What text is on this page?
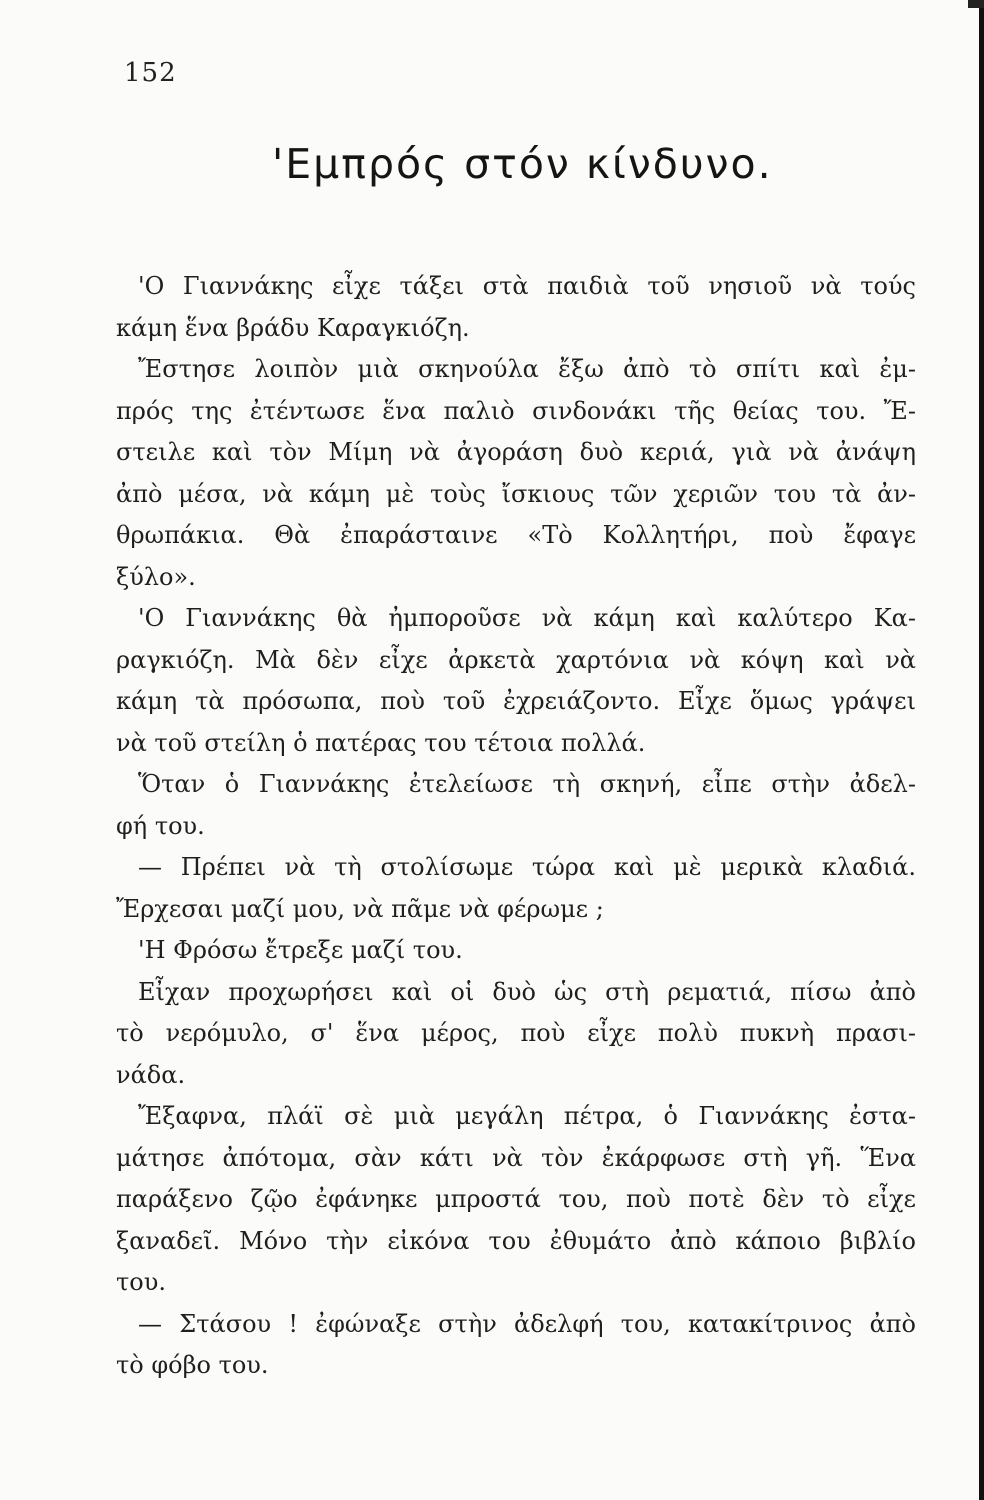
152
'Εμπρός στόν κίνδυνο.
'Ο Γιαννάκης εἶχε τάξει στὰ παιδιὰ τοῦ νησιοῦ νὰ τούς
κάμη ἕνα βράδυ Καραγκιόζη.
Ἔστησε λοιπὸν μιὰ σκηνούλα ἔξω ἀπὸ τὸ σπίτι καὶ ἐμ-
πρός της ἐτέντωσε ἕνα παλιὸ σινδονάκι τῆς θείας του. Ἔ-
στειλε καὶ τὸν Μίμη νὰ ἀγοράση δυὸ κεριά, γιὰ νὰ ἀνάψη
ἀπὸ μέσα, νὰ κάμη μὲ τοὺς ἴσκιους τῶν χεριῶν του τὰ ἀν-
θρωπάκια. Θὰ ἐπαράσταινε «Τὸ Κολλητήρι, ποὺ ἔφαγε
ξύλο».
'Ο Γιαννάκης θὰ ἠμποροῦσε νὰ κάμη καὶ καλύτερο Κα-
ραγκιόζη. Μὰ δὲν εἶχε ἀρκετὰ χαρτόνια νὰ κόψη καὶ νὰ
κάμη τὰ πρόσωπα, ποὺ τοῦ ἐχρειάζοντο. Εἶχε ὅμως γράψει
νὰ τοῦ στείλη ὁ πατέρας του τέτοια πολλά.
Ὅταν ὁ Γιαννάκης ἐτελείωσε τὴ σκηνή, εἶπε στὴν ἀδελ-
φή του.
— Πρέπει νὰ τὴ στολίσωμε τώρα καὶ μὲ μερικὰ κλαδιά.
Ἔρχεσαι μαζί μου, νὰ πᾶμε νὰ φέρωμε ;
'Η Φρόσω ἔτρεξε μαζί του.
Εἶχαν προχωρήσει καὶ οἱ δυὸ ὡς στὴ ρεματιά, πίσω ἀπὸ
τὸ νερόμυλο, σ' ἕνα μέρος, ποὺ εἶχε πολὺ πυκνὴ πρασι-
νάδα.
Ἔξαφνα, πλάϊ σὲ μιὰ μεγάλη πέτρα, ὁ Γιαννάκης ἐστα-
μάτησε ἀπότομα, σὰν κάτι νὰ τὸν ἐκάρφωσε στὴ γῆ. Ἕνα
παράξενο ζῷο ἐφάνηκε μπροστά του, ποὺ ποτὲ δὲν τὸ εἶχε
ξαναδεῖ. Μόνο τὴν εἰκόνα του ἐθυμάτο ἀπὸ κάποιο βιβλίο
του.
— Στάσου ! ἐφώναξε στὴν ἀδελφή του, κατακίτρινος ἀπὸ
τὸ φόβο του.
